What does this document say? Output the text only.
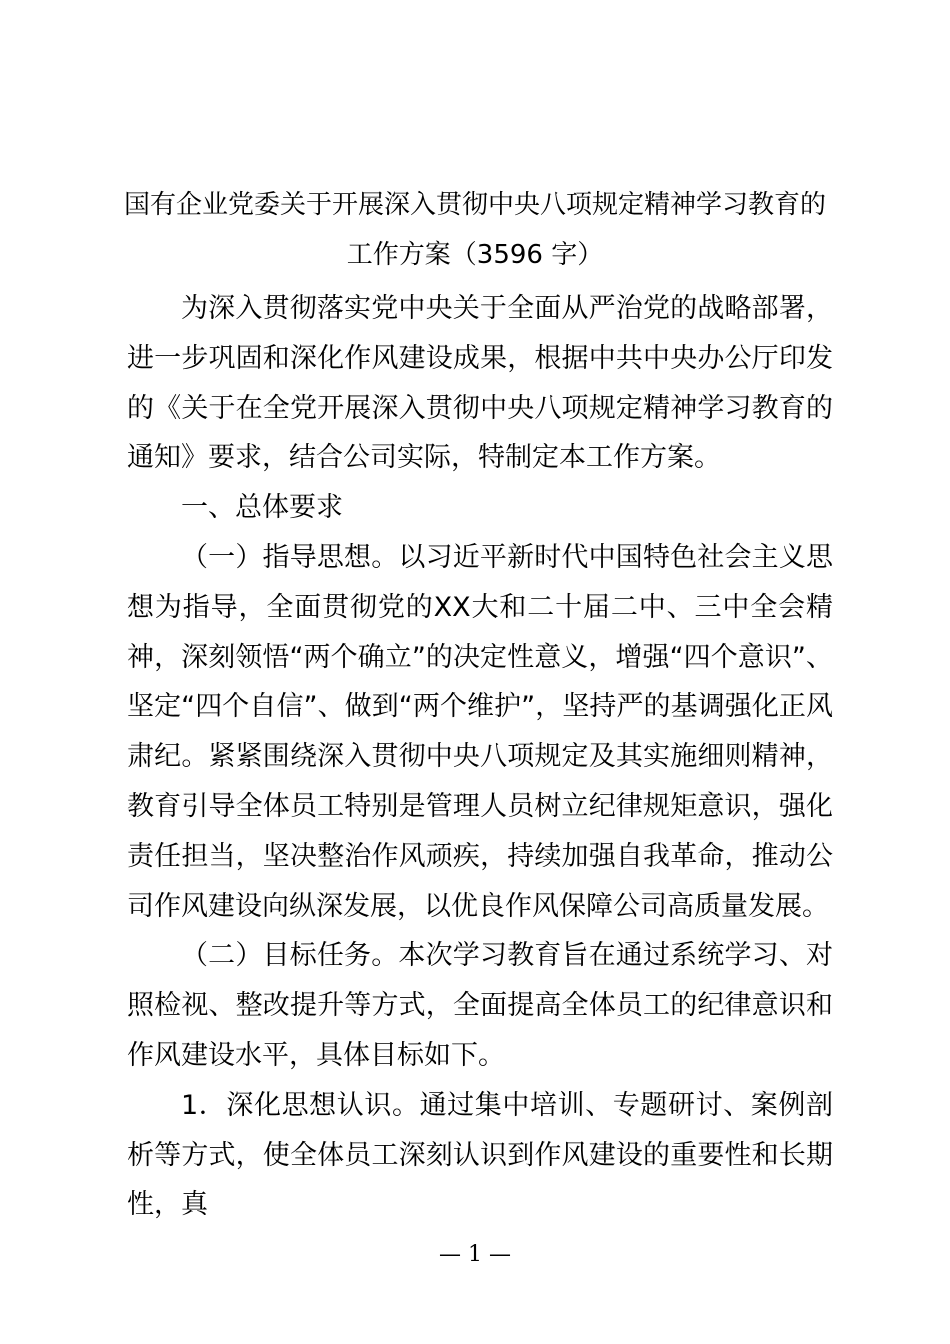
国有企业党委关于开展深入贯彻中央八项规定精神学习教育的
工作方案（3596 字）

为深入贯彻落实党中央关于全面从严治党的战略部署，进一步巩固和深化作风建设成果，根据中共中央办公厅印发的《关于在全党开展深入贯彻中央八项规定精神学习教育的通知》要求，结合公司实际，特制定本工作方案。

一、总体要求

（一）指导思想。以习近平新时代中国特色社会主义思想为指导，全面贯彻党的XX大和二十届二中、三中全会精神，深刻领悟“两个确立”的决定性意义，增强“四个意识”、坚定“四个自信”、做到“两个维护”，坚持严的基调强化正风肃纪。紧紧围绕深入贯彻中央八项规定及其实施细则精神，教育引导全体员工特别是管理人员树立纪律规矩意识，强化责任担当，坚决整治作风顽疾，持续加强自我革命，推动公司作风建设向纵深发展，以优良作风保障公司高质量发展。

（二）目标任务。本次学习教育旨在通过系统学习、对照检视、整改提升等方式，全面提高全体员工的纪律意识和作风建设水平，具体目标如下。

1．深化思想认识。通过集中培训、专题研讨、案例剖析等方式，使全体员工深刻认识到作风建设的重要性和长期性，真

— 1 —
